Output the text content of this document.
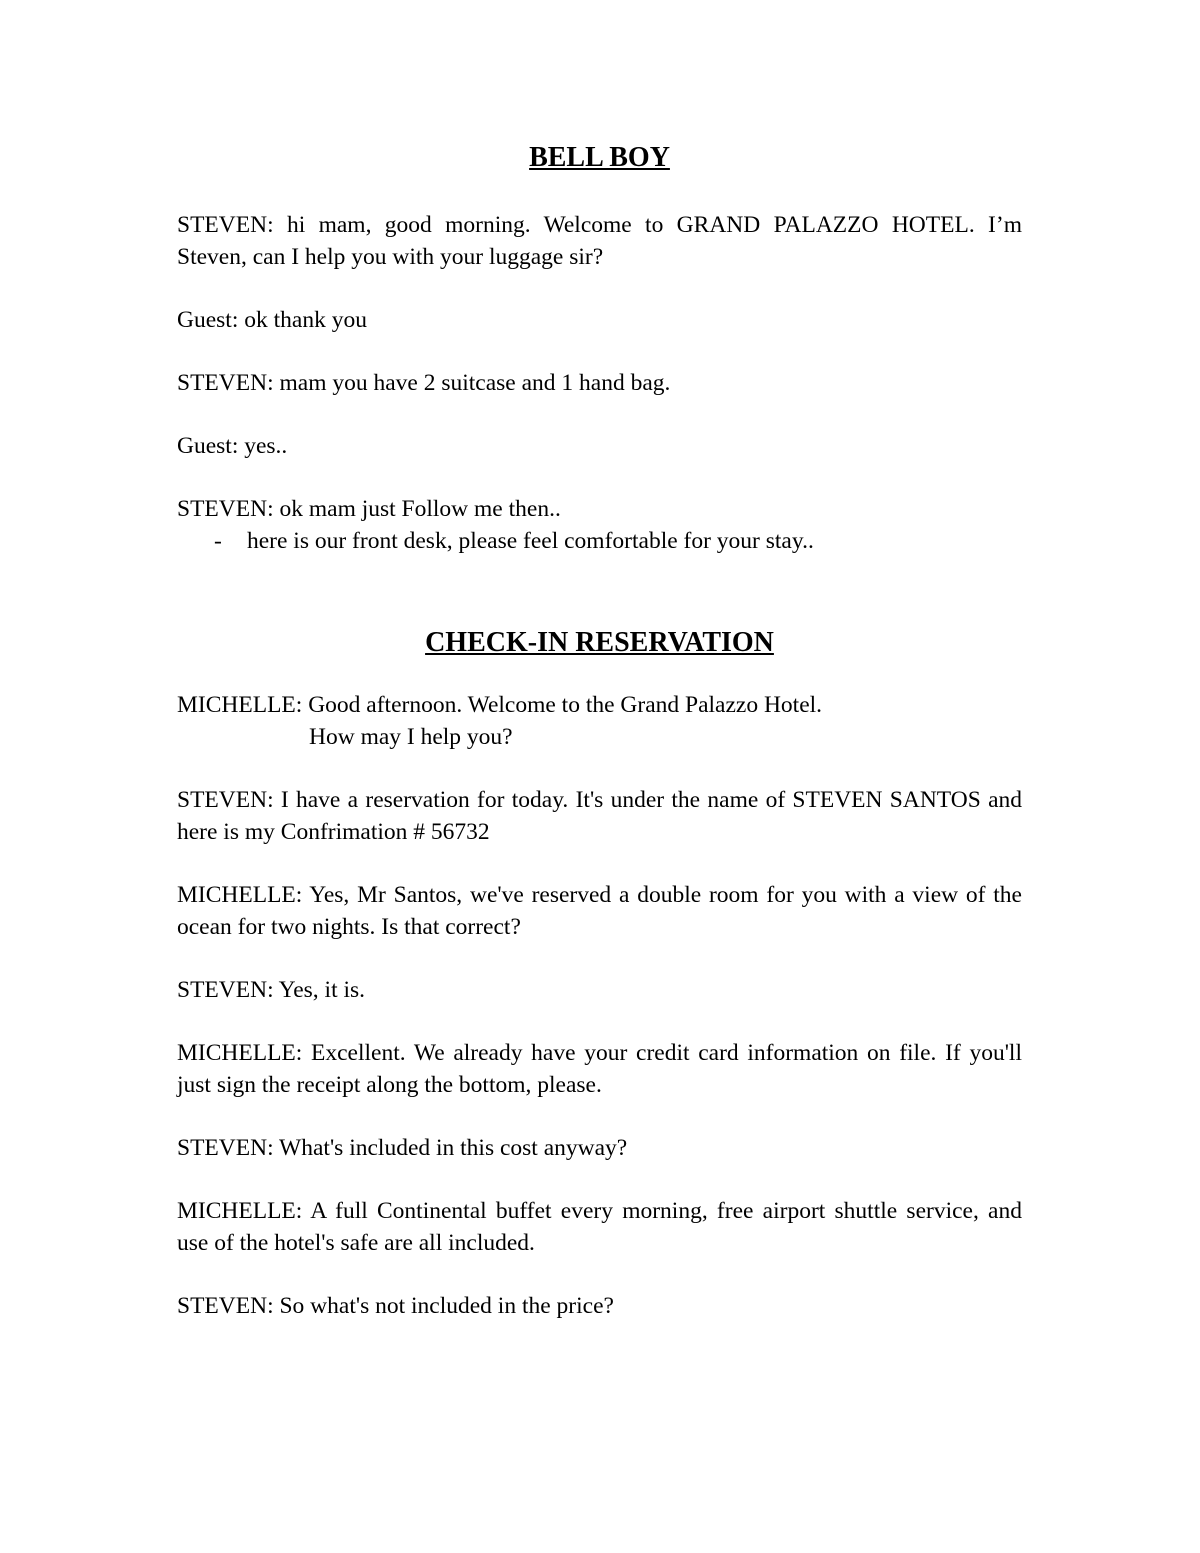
BELL BOY

STEVEN: hi mam, good morning. Welcome to GRAND PALAZZO HOTEL. I’m Steven, can I help you with your luggage sir?

Guest: ok thank you

STEVEN: mam you have 2 suitcase and 1 hand bag.

Guest: yes..

STEVEN: ok mam just Follow me then..

- here is our front desk, please feel comfortable for your stay..

CHECK-IN RESERVATION

MICHELLE: Good afternoon. Welcome to the Grand Palazzo Hotel.
How may I help you?

STEVEN: I have a reservation for today. It's under the name of STEVEN SANTOS and here is my Confrimation # 56732

MICHELLE: Yes, Mr Santos, we've reserved a double room for you with a view of the ocean for two nights. Is that correct?

STEVEN: Yes, it is.

MICHELLE: Excellent. We already have your credit card information on file. If you'll just sign the receipt along the bottom, please.

STEVEN: What's included in this cost anyway?

MICHELLE: A full Continental buffet every morning, free airport shuttle service, and use of the hotel's safe are all included.

STEVEN: So what's not included in the price?
